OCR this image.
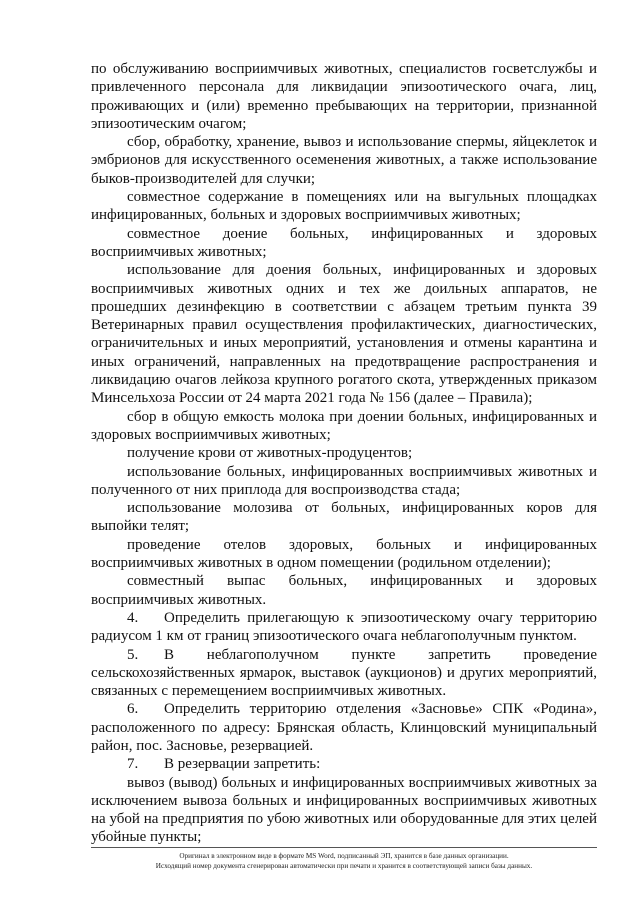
по обслуживанию восприимчивых животных, специалистов госветслужбы и привлеченного персонала для ликвидации эпизоотического очага, лиц, проживающих и (или) временно пребывающих на территории, признанной эпизоотическим очагом;

сбор, обработку, хранение, вывоз и использование спермы, яйцеклеток и эмбрионов для искусственного осеменения животных, а также использование быков-производителей для случки;

совместное содержание в помещениях или на выгульных площадках инфицированных, больных и здоровых восприимчивых животных;

совместное доение больных, инфицированных и здоровых восприимчивых животных;

использование для доения больных, инфицированных и здоровых восприимчивых животных одних и тех же доильных аппаратов, не прошедших дезинфекцию в соответствии с абзацем третьим пункта 39 Ветеринарных правил осуществления профилактических, диагностических, ограничительных и иных мероприятий, установления и отмены карантина и иных ограничений, направленных на предотвращение распространения и ликвидацию очагов лейкоза крупного рогатого скота, утвержденных приказом Минсельхоза России от 24 марта 2021 года № 156 (далее – Правила);

сбор в общую емкость молока при доении больных, инфицированных и здоровых восприимчивых животных;

получение крови от животных-продуцентов;

использование больных, инфицированных восприимчивых животных и полученного от них приплода для воспроизводства стада;

использование молозива от больных, инфицированных коров для выпойки телят;

проведение отелов здоровых, больных и инфицированных восприимчивых животных в одном помещении (родильном отделении);

совместный выпас больных, инфицированных и здоровых восприимчивых животных.

4. Определить прилегающую к эпизоотическому очагу территорию радиусом 1 км от границ эпизоотического очага неблагополучным пунктом.

5. В неблагополучном пункте запретить проведение сельскохозяйственных ярмарок, выставок (аукционов) и других мероприятий, связанных с перемещением восприимчивых животных.

6. Определить территорию отделения «Засновье» СПК «Родина», расположенного по адресу: Брянская область, Клинцовский муниципальный район, пос. Засновье, резервацией.

7. В резервации запретить:

вывоз (вывод) больных и инфицированных восприимчивых животных за исключением вывоза больных и инфицированных восприимчивых животных на убой на предприятия по убою животных или оборудованные для этих целей убойные пункты;

Оригинал в электронном виде в формате MS Word, подписанный ЭП, хранится в базе данных организации.
Исходящий номер документа сгенерирован автоматически при печати и хранится в соответствующей записи базы данных.
